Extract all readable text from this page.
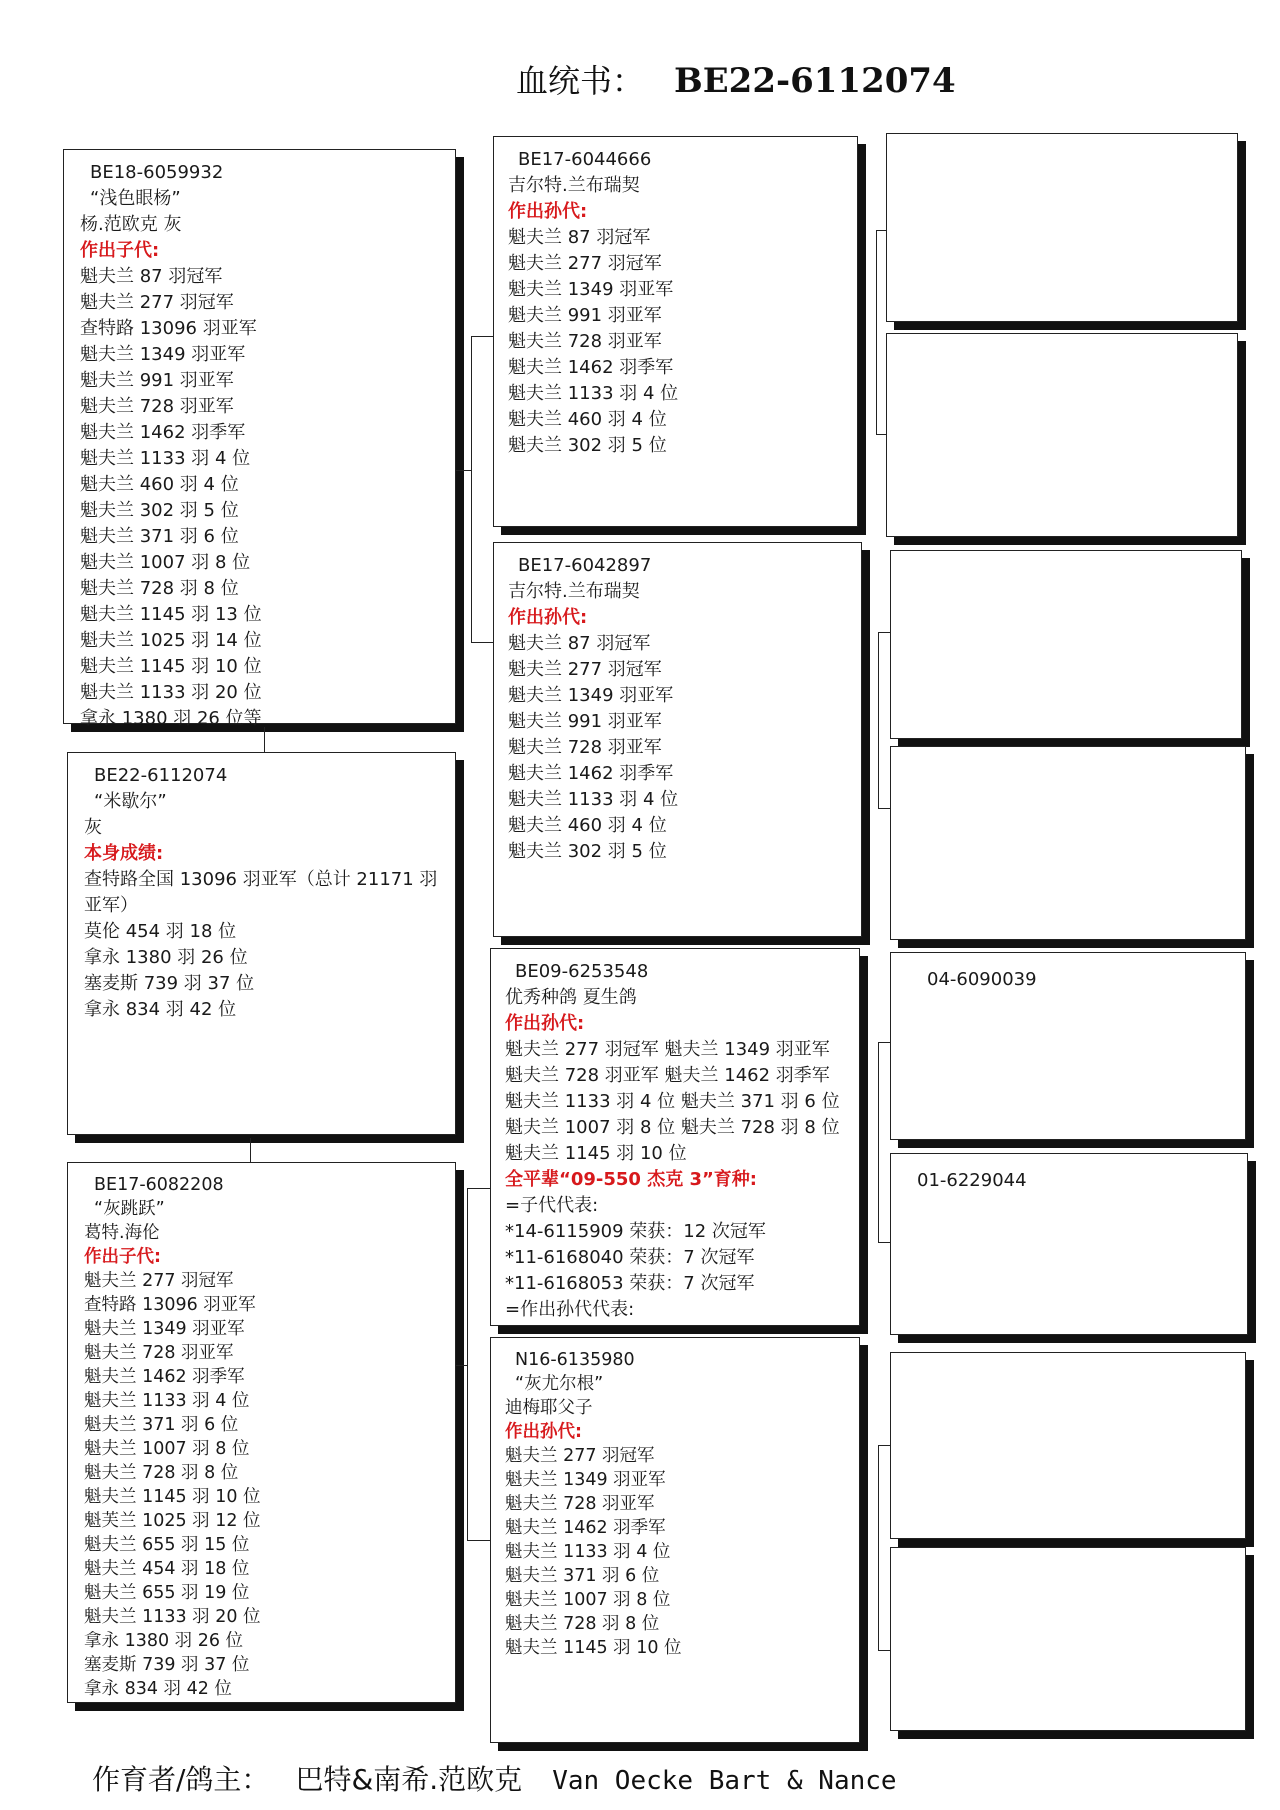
血统书： BE22-6112074
BE18-6059932
“浅色眼杨”
杨.范欧克 灰
作出子代:
魁夫兰 87 羽冠军
魁夫兰 277 羽冠军
查特路 13096 羽亚军
魁夫兰 1349 羽亚军
魁夫兰 991 羽亚军
魁夫兰 728 羽亚军
魁夫兰 1462 羽季军
魁夫兰 1133 羽 4 位
魁夫兰 460 羽 4 位
魁夫兰 302 羽 5 位
魁夫兰 371 羽 6 位
魁夫兰 1007 羽 8 位
魁夫兰 728 羽 8 位
魁夫兰 1145 羽 13 位
魁夫兰 1025 羽 14 位
魁夫兰 1145 羽 10 位
魁夫兰 1133 羽 20 位
拿永 1380 羽 26 位等
BE22-6112074
“米歇尔”
灰
本身成绩:
查特路全国 13096 羽亚军（总计 21171 羽亚军）
莫伦 454 羽 18 位
拿永 1380 羽 26 位
塞麦斯 739 羽 37 位
拿永 834 羽 42 位
BE17-6082208
“灰跳跃”
葛特.海伦
作出子代:
魁夫兰 277 羽冠军
查特路 13096 羽亚军
魁夫兰 1349 羽亚军
魁夫兰 728 羽亚军
魁夫兰 1462 羽季军
魁夫兰 1133 羽 4 位
魁夫兰 371 羽 6 位
魁夫兰 1007 羽 8 位
魁夫兰 728 羽 8 位
魁夫兰 1145 羽 10 位
魁芙兰 1025 羽 12 位
魁夫兰 655 羽 15 位
魁夫兰 454 羽 18 位
魁夫兰 655 羽 19 位
魁夫兰 1133 羽 20 位
拿永 1380 羽 26 位
塞麦斯 739 羽 37 位
拿永 834 羽 42 位
BE17-6044666
吉尔特.兰布瑞契
作出孙代:
魁夫兰 87 羽冠军
魁夫兰 277 羽冠军
魁夫兰 1349 羽亚军
魁夫兰 991 羽亚军
魁夫兰 728 羽亚军
魁夫兰 1462 羽季军
魁夫兰 1133 羽 4 位
魁夫兰 460 羽 4 位
魁夫兰 302 羽 5 位
BE17-6042897
吉尔特.兰布瑞契
作出孙代:
魁夫兰 87 羽冠军
魁夫兰 277 羽冠军
魁夫兰 1349 羽亚军
魁夫兰 991 羽亚军
魁夫兰 728 羽亚军
魁夫兰 1462 羽季军
魁夫兰 1133 羽 4 位
魁夫兰 460 羽 4 位
魁夫兰 302 羽 5 位
BE09-6253548
优秀种鸽 夏生鸽
作出孙代:
魁夫兰 277 羽冠军 魁夫兰 1349 羽亚军
魁夫兰 728 羽亚军 魁夫兰 1462 羽季军
魁夫兰 1133 羽 4 位 魁夫兰 371 羽 6 位
魁夫兰 1007 羽 8 位 魁夫兰 728 羽 8 位
魁夫兰 1145 羽 10 位
全平辈“09-550 杰克 3”育种:
=子代代表:
*14-6115909 荣获：12 次冠军
*11-6168040 荣获：7 次冠军
*11-6168053 荣获：7 次冠军
=作出孙代代表:
N16-6135980
“灰尤尔根”
迪梅耶父子
作出孙代:
魁夫兰 277 羽冠军
魁夫兰 1349 羽亚军
魁夫兰 728 羽亚军
魁夫兰 1462 羽季军
魁夫兰 1133 羽 4 位
魁夫兰 371 羽 6 位
魁夫兰 1007 羽 8 位
魁夫兰 728 羽 8 位
魁夫兰 1145 羽 10 位
04-6090039
01-6229044
作育者/鸽主： 巴特&南希.范欧克 Van Oecke Bart & Nance
